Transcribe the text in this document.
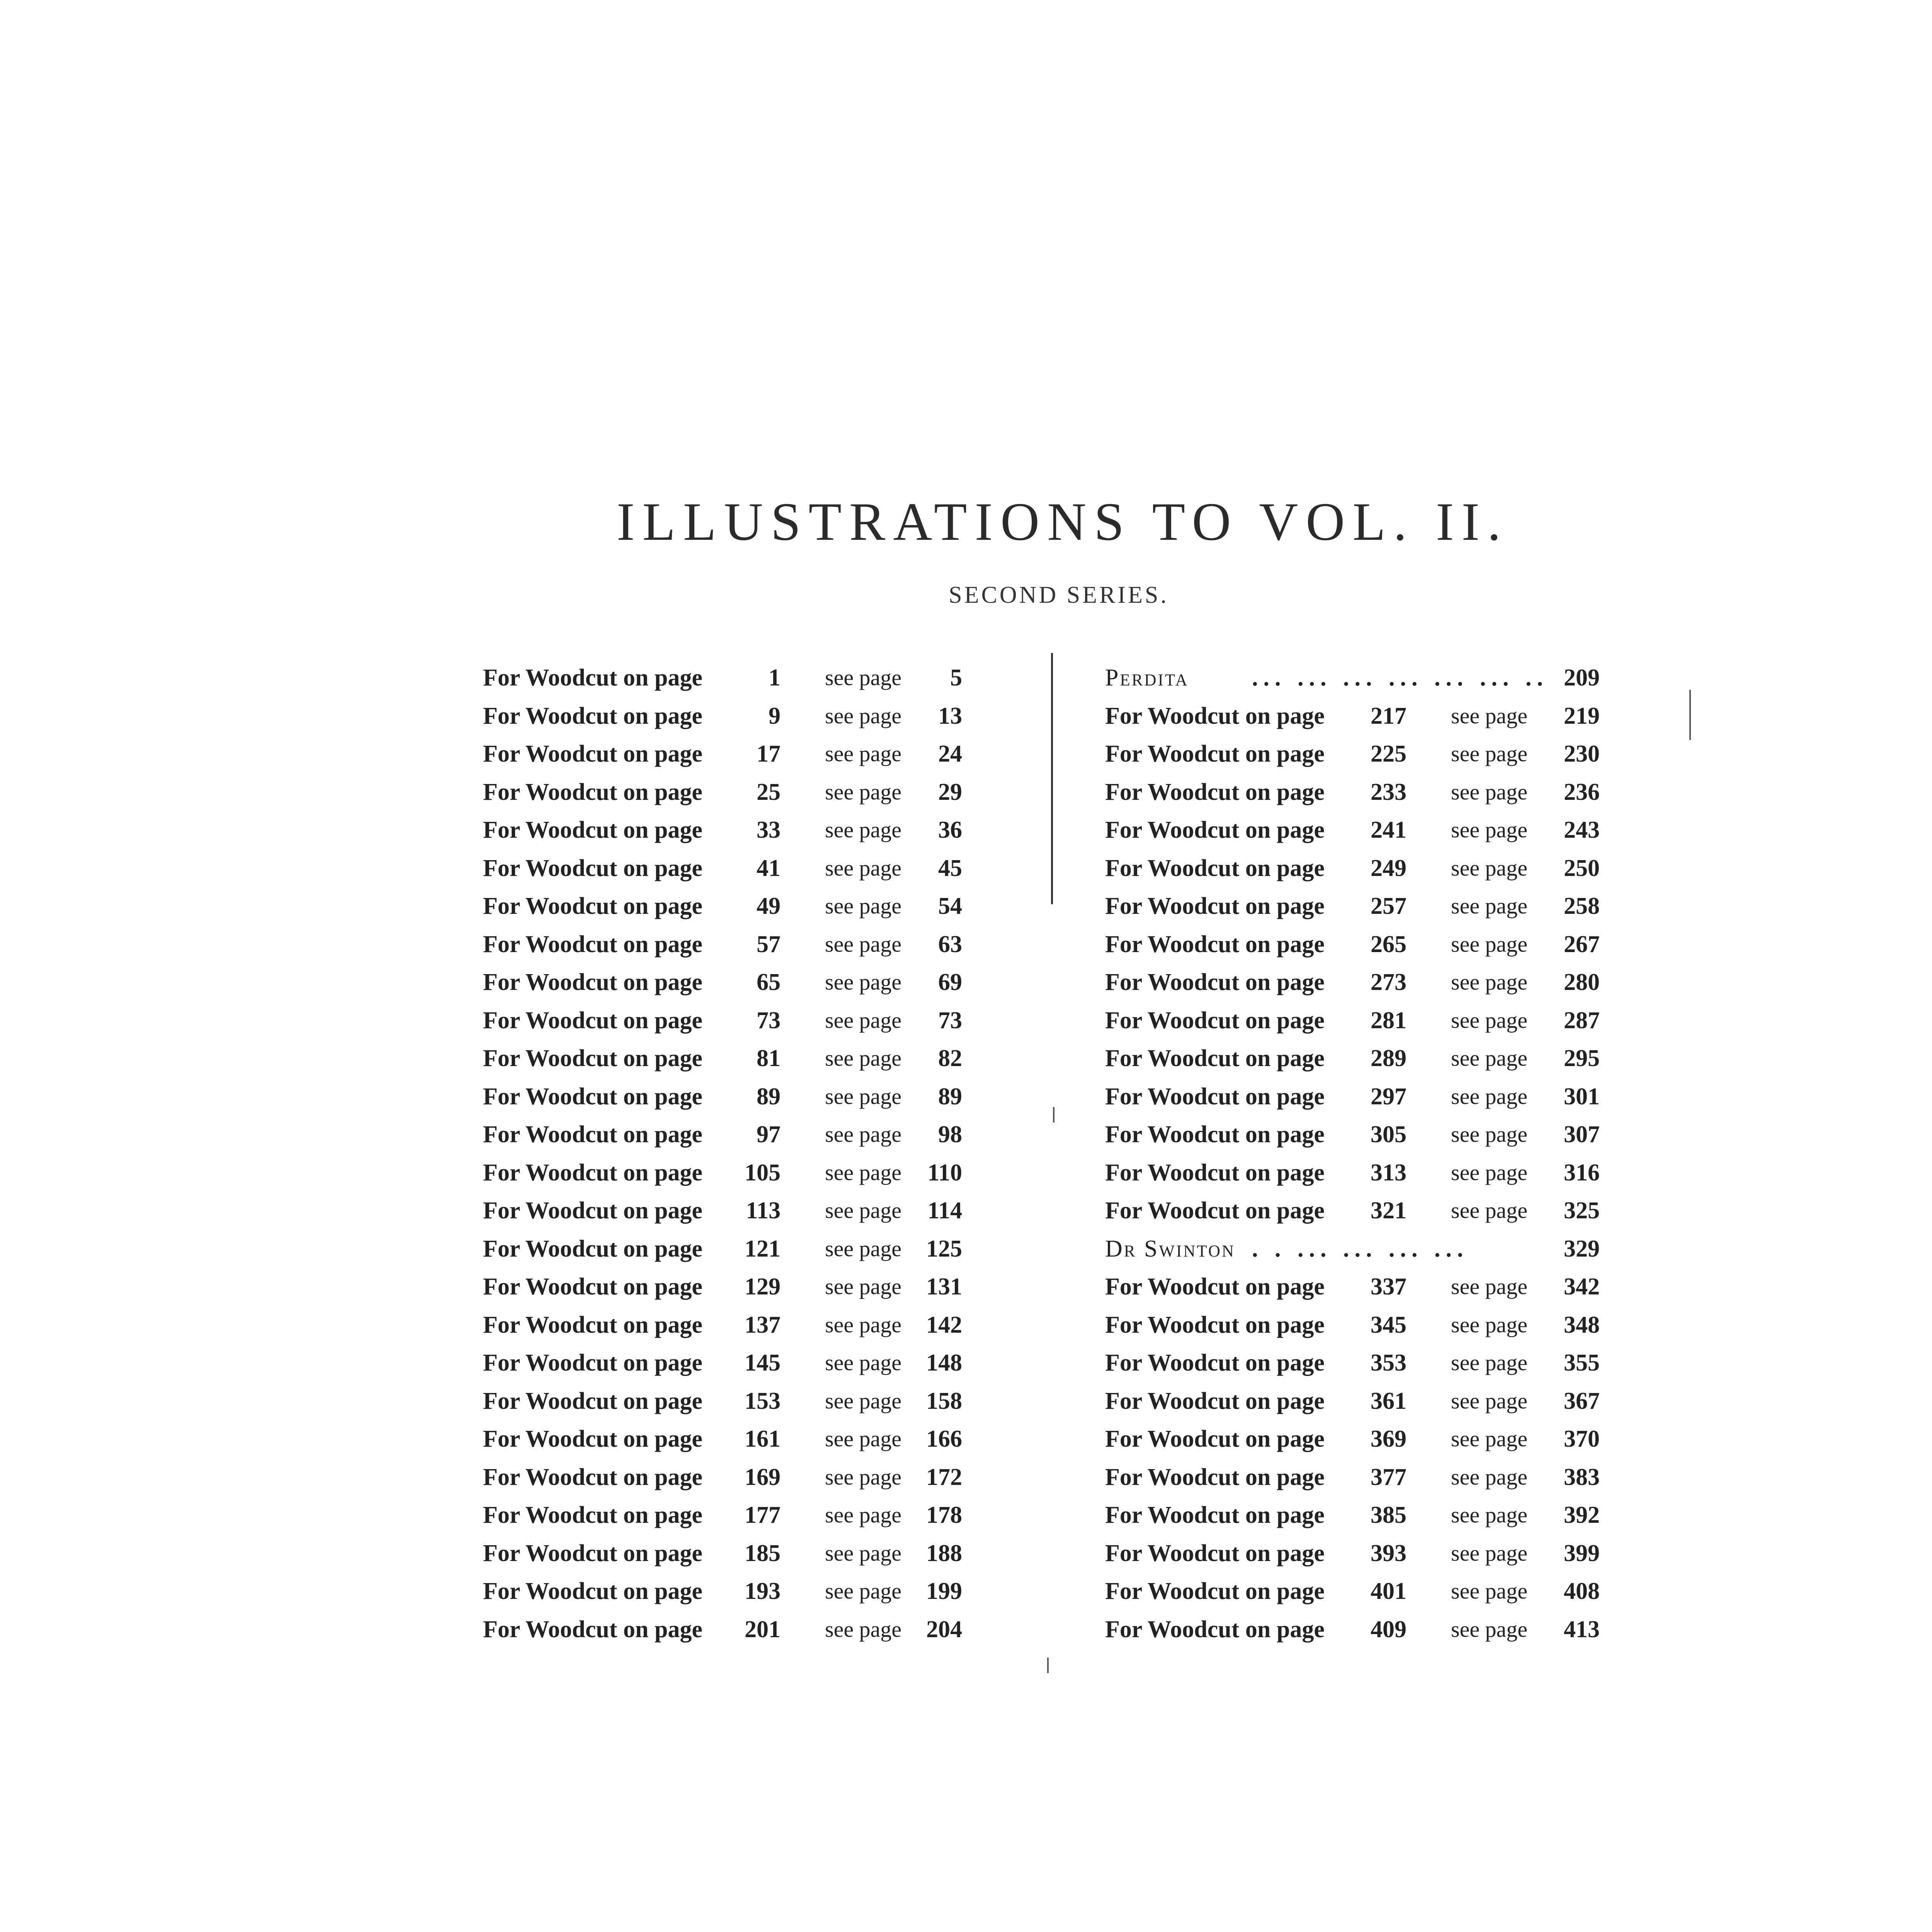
ILLUSTRATIONS TO VOL. II.
SECOND SERIES.
For Woodcut on page	1 see page	5
For Woodcut on page	9 see page	13
For Woodcut on page	17 see page	24
For Woodcut on page	25 see page	29
For Woodcut on page	33 see page	36
For Woodcut on page	41 see page	45
For Woodcut on page	49 see page	54
For Woodcut on page	57 see page	63
For Woodcut on page	65 see page	69
For Woodcut on page	73 see page	73
For Woodcut on page	81 see page	82
For Woodcut on page	89 see page	89
For Woodcut on page	97 see page	98
For Woodcut on page	105 see page	110
For Woodcut on page	113 see page	114
For Woodcut on page	121 see page	125
For Woodcut on page	129 see page	131
For Woodcut on page	137 see page	142
For Woodcut on page	145 see page	148
For Woodcut on page	153 see page	158
For Woodcut on page	161 see page	166
For Woodcut on page	169 see page	172
For Woodcut on page	177 see page	178
For Woodcut on page	185 see page	188
For Woodcut on page	193 see page	199
For Woodcut on page	201 see page	204
Perdita	... ... ... ... ... ... .. 209
For Woodcut on page	217 see page	219
For Woodcut on page	225 see page	230
For Woodcut on page	233 see page	236
For Woodcut on page	241 see page	243
For Woodcut on page	249 see page	250
For Woodcut on page	257 see page	258
For Woodcut on page	265 see page	267
For Woodcut on page	273 see page	280
For Woodcut on page	281 see page	287
For Woodcut on page	289 see page	295
For Woodcut on page	297 see page	301
For Woodcut on page	305 see page	307
For Woodcut on page	313 see page	316
For Woodcut on page	321 see page	325
Dr Swinton . . ... ... ... ...	329
For Woodcut on page	337 see page	342
For Woodcut on page	345 see page	348
For Woodcut on page	353 see page	355
For Woodcut on page	361 see page	367
For Woodcut on page	369 see page	370
For Woodcut on page	377 see page	383
For Woodcut on page	385 see page	392
For Woodcut on page	393 see page	399
For Woodcut on page	401 see page	408
For Woodcut on page	409 see page	413
